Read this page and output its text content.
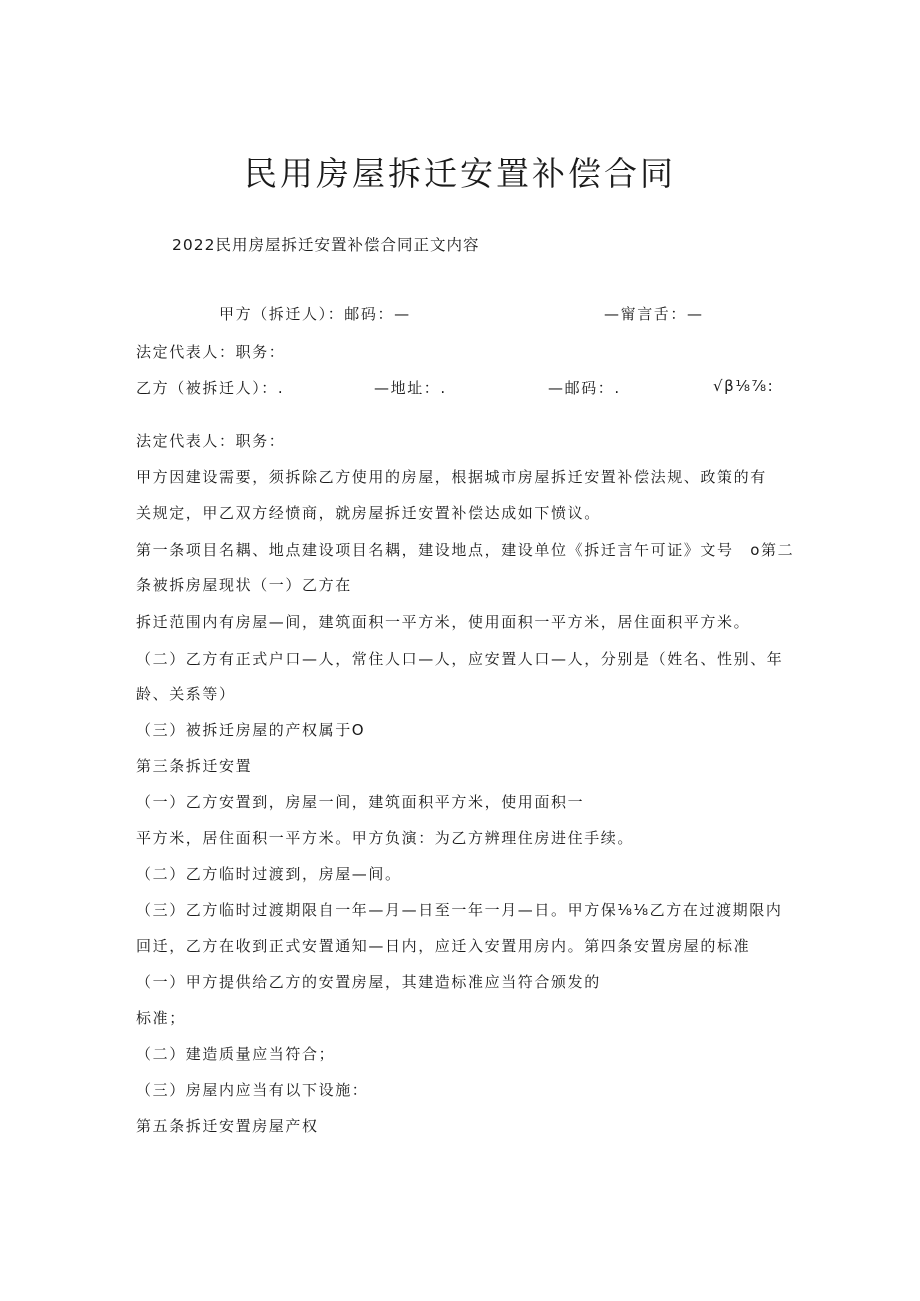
民用房屋拆迁安置补偿合同
2022民用房屋拆迁安置补偿合同正文内容
甲方（拆迁人）：邮码：—	—甯言舌：—
法定代表人：职务：
乙方（被拆迁人）：.	—地址：.	—邮码：.	√β⅛⅞:
法定代表人：职务：
甲方因建设需要，须拆除乙方使用的房屋，根据城市房屋拆迁安置补偿法规、政策的有
关规定，甲乙双方经愤商，就房屋拆迁安置补偿达成如下愤议。
第一条项目名耦、地点建设项目名耦，建设地点，建设单位《拆迁言午可证》文号　o第二
条被拆房屋现状（一）乙方在
拆迁范围内有房屋—间，建筑面积一平方米，使用面积一平方米，居住面积平方米。
（二）乙方有正式户口—人，常住人口—人，应安置人口—人，分别是（姓名、性别、年
龄、关系等）
（三）被拆迁房屋的产权属于O
第三条拆迁安置
（一）乙方安置到，房屋一间，建筑面积平方米，使用面积一
平方米，居住面积一平方米。甲方负演：为乙方辨理住房进住手续。
（二）乙方临时过渡到，房屋—间。
（三）乙方临时过渡期限自一年—月—日至一年一月—日。甲方保⅛⅛乙方在过渡期限内
回迁，乙方在收到正式安置通知—日内，应迁入安置用房内。第四条安置房屋的标准
（一）甲方提供给乙方的安置房屋，其建造标准应当符合颁发的
标准；
（二）建造质量应当符合；
（三）房屋内应当有以下设施：
第五条拆迁安置房屋产权
